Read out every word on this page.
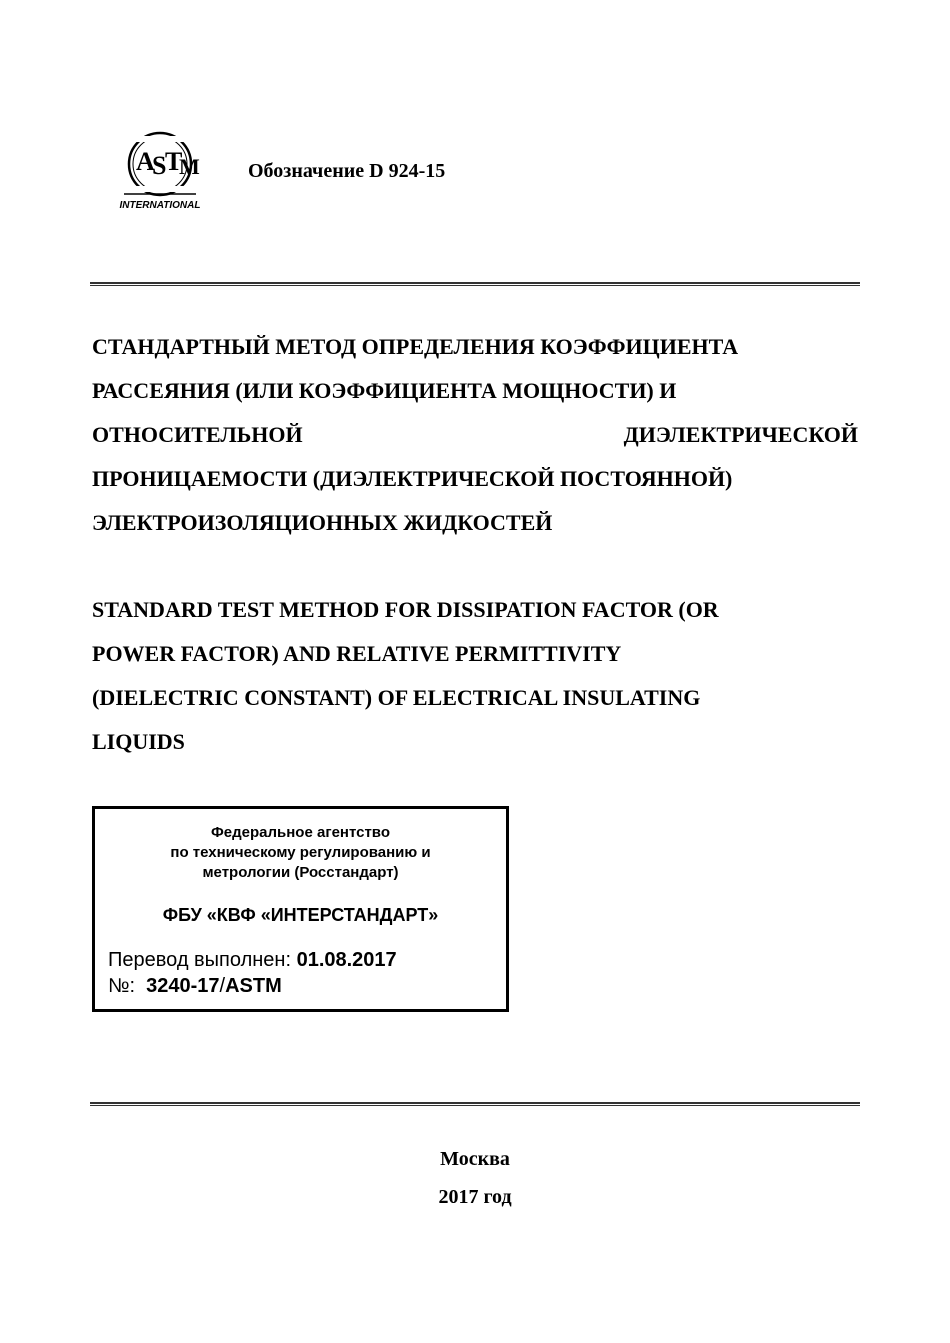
A
S
T
M
INTERNATIONAL
Обозначение D 924-15
СТАНДАРТНЫЙ МЕТОД ОПРЕДЕЛЕНИЯ КОЭФФИЦИЕНТА
РАССЕЯНИЯ (ИЛИ КОЭФФИЦИЕНТА МОЩНОСТИ) И
ОТНОСИТЕЛЬНОЙ	ДИЭЛЕКТРИЧЕСКОЙ
ПРОНИЦАЕМОСТИ (ДИЭЛЕКТРИЧЕСКОЙ ПОСТОЯННОЙ)
ЭЛЕКТРОИЗОЛЯЦИОННЫХ ЖИДКОСТЕЙ
STANDARD TEST METHOD FOR DISSIPATION FACTOR (OR
POWER FACTOR) AND RELATIVE PERMITTIVITY
(DIELECTRIC CONSTANT) OF ELECTRICAL INSULATING
LIQUIDS
Федеральное агентство
по техническому регулированию и
метрологии (Росстандарт)
ФБУ «КВФ «ИНТЕРСТАНДАРТ»
Перевод выполнен: 01.08.2017
№: 3240-17/ASTM
Москва
2017 год
